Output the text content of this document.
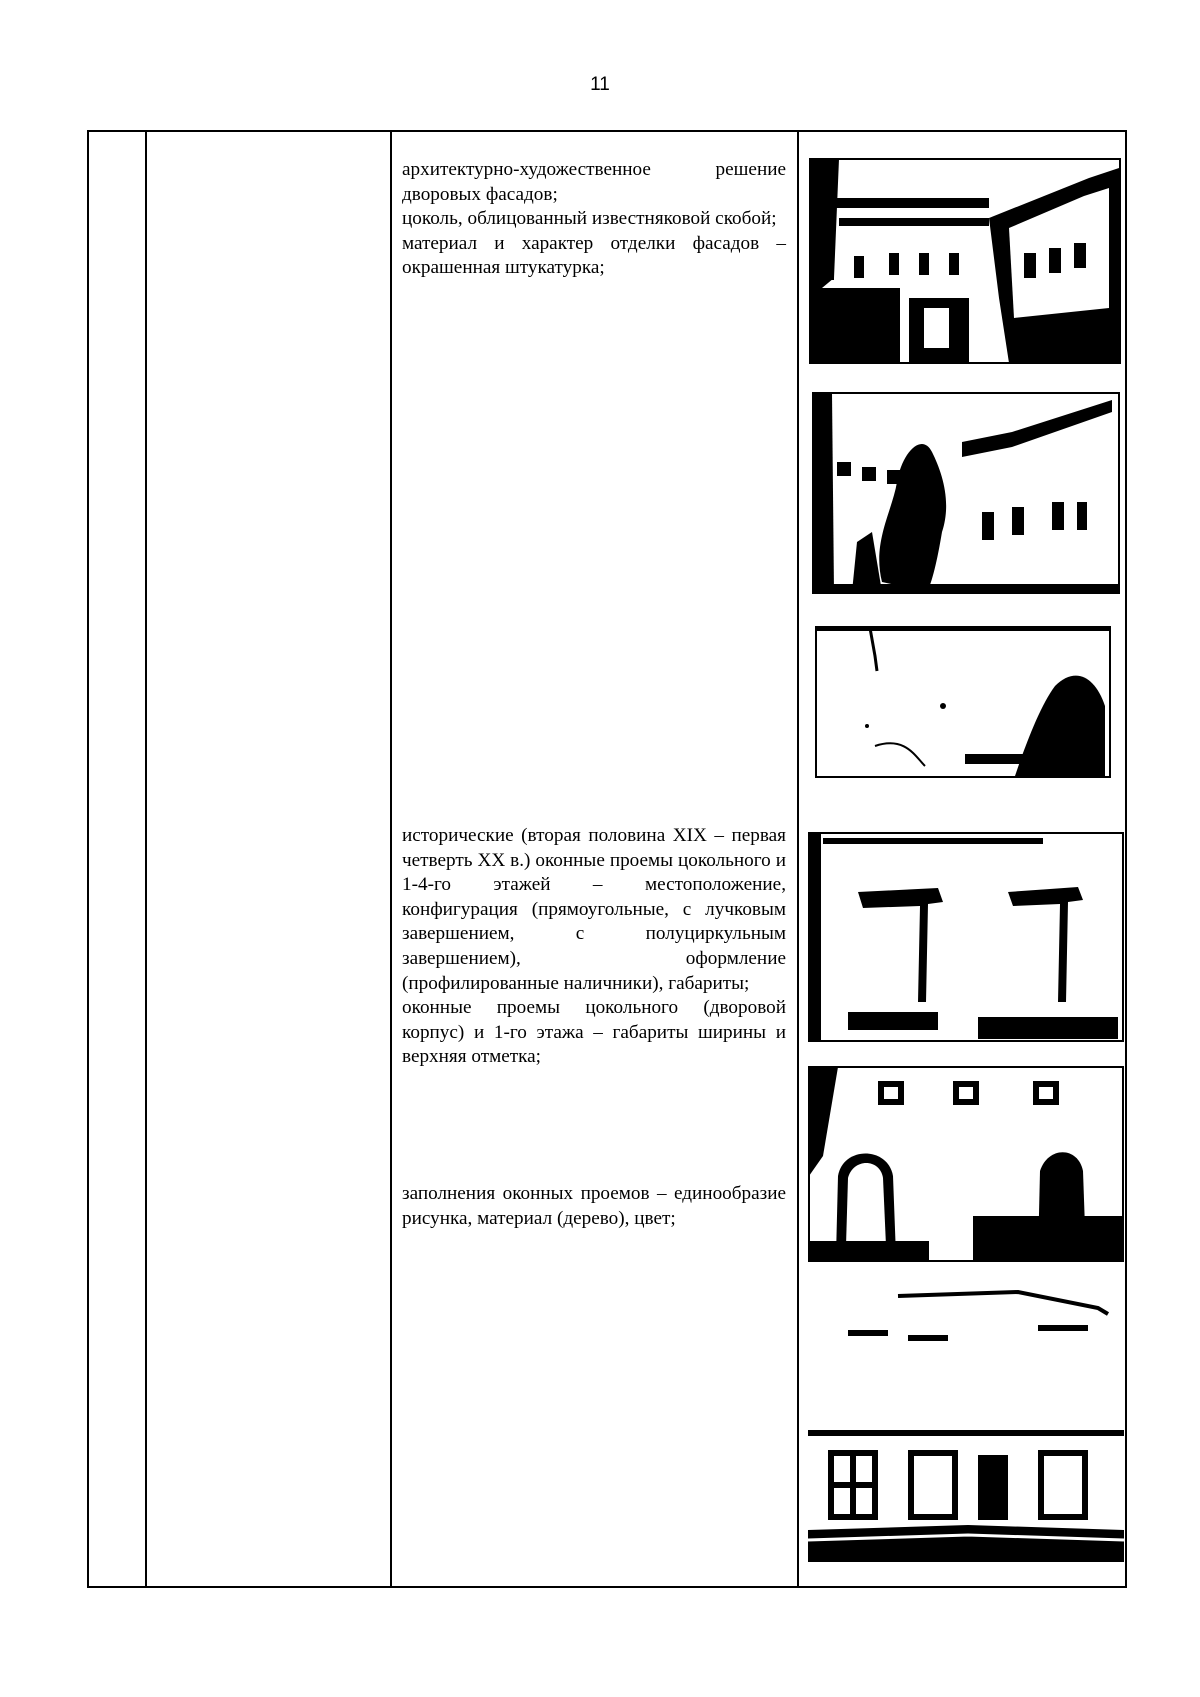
11

архитектурно-художественное решение дворовых фасадов;

цоколь, облицованный известняковой скобой;

материал и характер отделки фасадов – окрашенная штукатурка;

исторические (вторая половина XIX – первая четверть XX в.) оконные проемы цокольного и 1-4-го этажей – местоположение, конфигурация (прямоугольные, с лучковым завершением, с полуциркульным завершением), оформление (профилированные наличники), габариты;

оконные проемы цокольного (дворовой корпус) и 1-го этажа – габариты ширины и верхняя отметка;

заполнения оконных проемов – единообразие рисунка, материал (дерево), цвет;
